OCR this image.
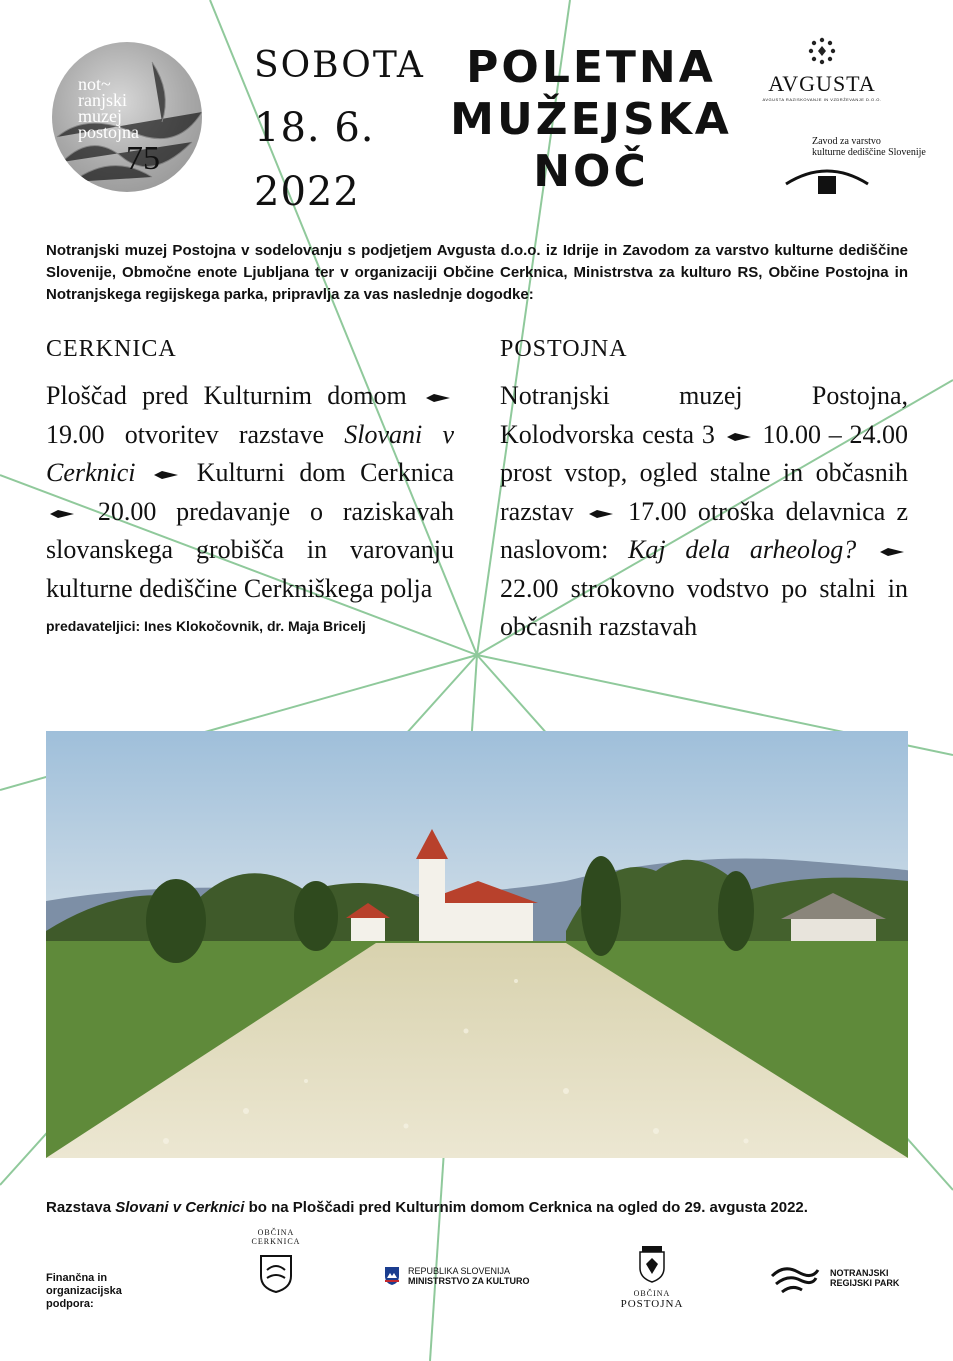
not~
ranjski
muzej
postojna
75
SOBOTA
18. 6.
2022
POLETNA
MUŽEJSKA
NOČ
AVGUSTA
AVGUSTA RAZISKOVANJE IN VZDRŽEVANJE D.O.O.
Zavod za varstvo
kulturne dediščine Slovenije
Notranjski muzej Postojna v sodelovanju s podjetjem Avgusta d.o.o. iz Idrije in Zavodom za varstvo kulturne dediščine Slovenije, Območne enote Ljubljana ter v organizaciji Občine Cerknica, Ministrstva za kulturo RS, Občine Postojna in Notranjskega regijskega parka, pripravlja za vas naslednje dogodke:
CERKNICA
Ploščad pred Kulturnim domom  19.00 otvoritev razstave Slovani v Cerknici Kulturni dom Cerknica  20.00 predavanje o raziskavah slovanskega grobišča in varovanju kulturne dediščine Cerkniškega polja
predavateljici: Ines Klokočovnik, dr. Maja Bricelj
POSTOJNA
Notranjski muzej Postojna, Kolodvorska cesta 3 10.00 – 24.00 prost vstop, ogled stalne in občasnih razstav 17.00 otroška delavnica z naslovom: Kaj dela arheolog?  22.00 strokovno vodstvo po stalni in občasnih razstavah
Razstava Slovani v Cerknici bo na Ploščadi pred Kulturnim domom Cerknica na ogled do 29. avgusta 2022.
Finančna in organizacijska podpora:
OBČINA
CERKNICA
REPUBLIKA SLOVENIJA
MINISTRSTVO ZA KULTURO
OBČINA
POSTOJNA
NOTRANJSKI
REGIJSKI PARK
